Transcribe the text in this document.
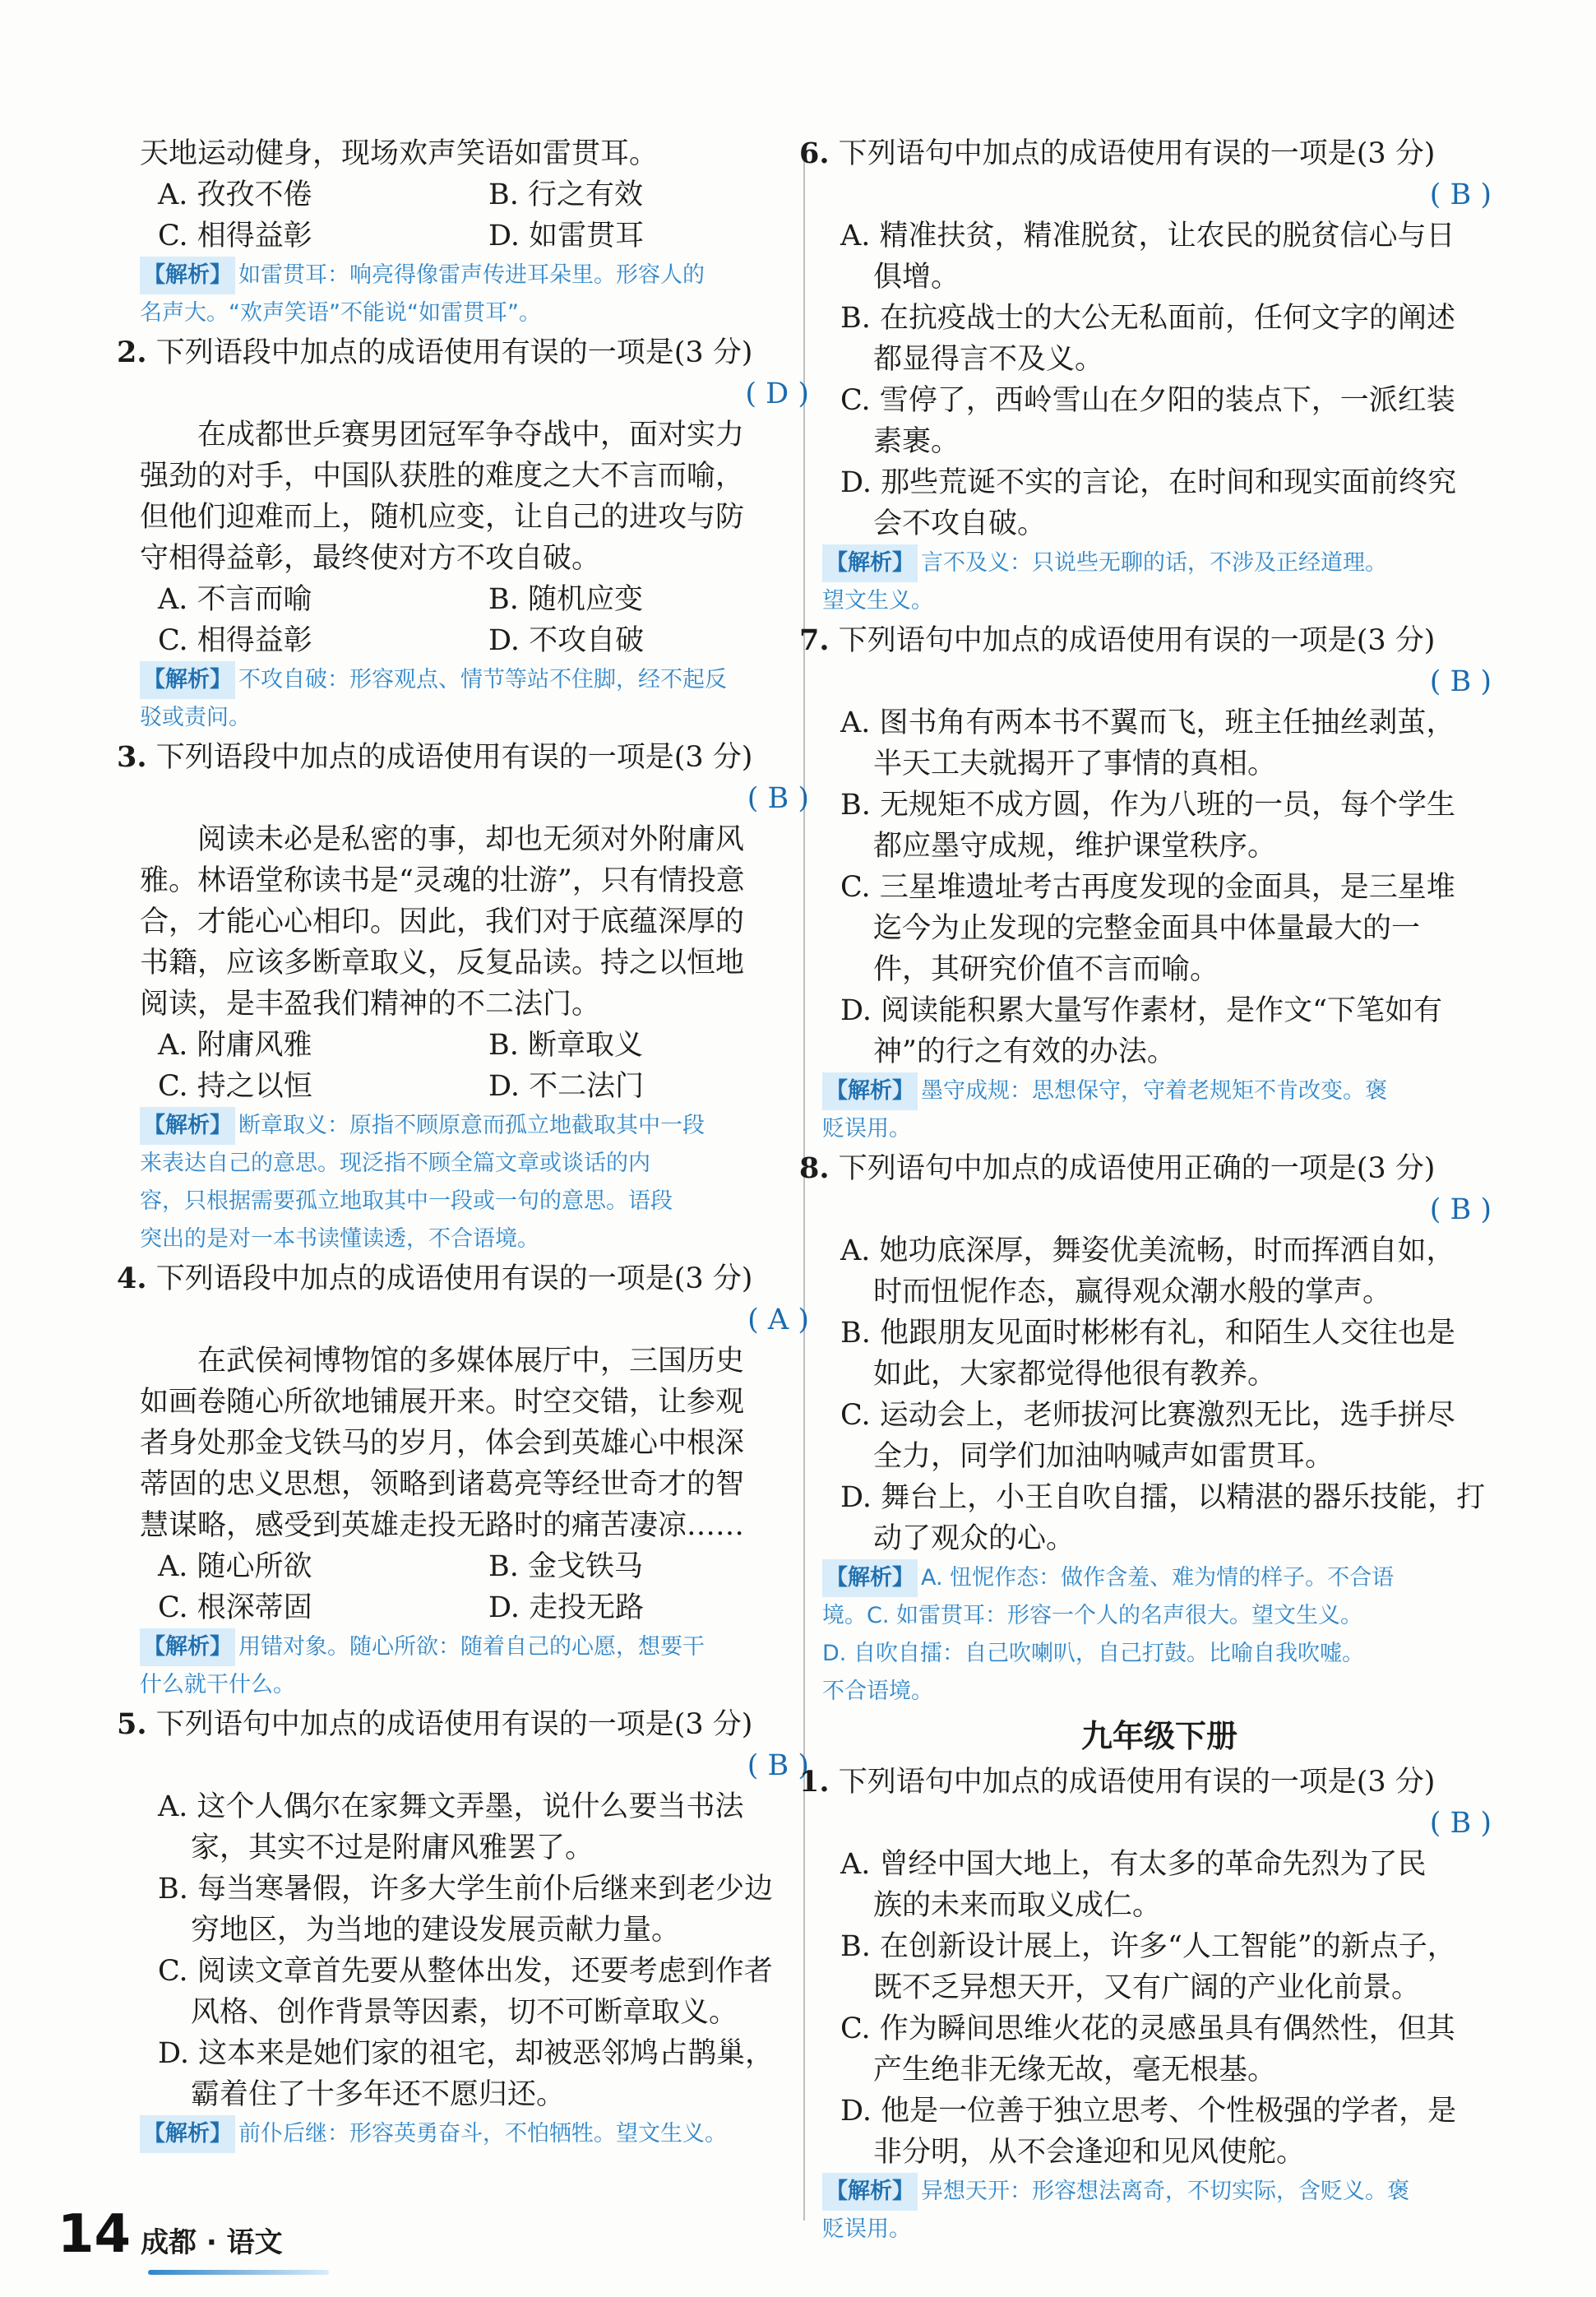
天地运动健身，现场欢声笑语如雷贯耳。
A. 孜孜不倦	B. 行之有效
C. 相得益彰	D. 如雷贯耳
【解析】 如雷贯耳：响亮得像雷声传进耳朵里。形容人的
名声大。“欢声笑语”不能说“如雷贯耳”。
2. 下列语段中加点的成语使用有误的一项是(3 分)
( D )
在成都世乒赛男团冠军争夺战中，面对实力
强劲的对手，中国队获胜的难度之大不言而喻，
但他们迎难而上，随机应变，让自己的进攻与防
守相得益彰，最终使对方不攻自破。
A. 不言而喻	B. 随机应变
C. 相得益彰	D. 不攻自破
【解析】 不攻自破：形容观点、情节等站不住脚，经不起反
驳或责问。
3. 下列语段中加点的成语使用有误的一项是(3 分)
( B )
阅读未必是私密的事，却也无须对外附庸风
雅。林语堂称读书是“灵魂的壮游”，只有情投意
合，才能心心相印。因此，我们对于底蕴深厚的
书籍，应该多断章取义，反复品读。持之以恒地
阅读，是丰盈我们精神的不二法门。
A. 附庸风雅	B. 断章取义
C. 持之以恒	D. 不二法门
【解析】 断章取义：原指不顾原意而孤立地截取其中一段
来表达自己的意思。现泛指不顾全篇文章或谈话的内
容，只根据需要孤立地取其中一段或一句的意思。语段
突出的是对一本书读懂读透，不合语境。
4. 下列语段中加点的成语使用有误的一项是(3 分)
( A )
在武侯祠博物馆的多媒体展厅中，三国历史
如画卷随心所欲地铺展开来。时空交错，让参观
者身处那金戈铁马的岁月，体会到英雄心中根深
蒂固的忠义思想，领略到诸葛亮等经世奇才的智
慧谋略，感受到英雄走投无路时的痛苦凄凉……
A. 随心所欲	B. 金戈铁马
C. 根深蒂固	D. 走投无路
【解析】 用错对象。随心所欲：随着自己的心愿，想要干
什么就干什么。
5. 下列语句中加点的成语使用有误的一项是(3 分)
( B )
A. 这个人偶尔在家舞文弄墨，说什么要当书法
家，其实不过是附庸风雅罢了。
B. 每当寒暑假，许多大学生前仆后继来到老少边
穷地区，为当地的建设发展贡献力量。
C. 阅读文章首先要从整体出发，还要考虑到作者
风格、创作背景等因素，切不可断章取义。
D. 这本来是她们家的祖宅，却被恶邻鸠占鹊巢，
霸着住了十多年还不愿归还。
【解析】 前仆后继：形容英勇奋斗，不怕牺牲。望文生义。
6. 下列语句中加点的成语使用有误的一项是(3 分)
( B )
A. 精准扶贫，精准脱贫，让农民的脱贫信心与日
俱增。
B. 在抗疫战士的大公无私面前，任何文字的阐述
都显得言不及义。
C. 雪停了，西岭雪山在夕阳的装点下，一派红装
素裹。
D. 那些荒诞不实的言论，在时间和现实面前终究
会不攻自破。
【解析】 言不及义：只说些无聊的话，不涉及正经道理。
望文生义。
7. 下列语句中加点的成语使用有误的一项是(3 分)
( B )
A. 图书角有两本书不翼而飞，班主任抽丝剥茧，
半天工夫就揭开了事情的真相。
B. 无规矩不成方圆，作为八班的一员，每个学生
都应墨守成规，维护课堂秩序。
C. 三星堆遗址考古再度发现的金面具，是三星堆
迄今为止发现的完整金面具中体量最大的一
件，其研究价值不言而喻。
D. 阅读能积累大量写作素材，是作文“下笔如有
神”的行之有效的办法。
【解析】 墨守成规：思想保守，守着老规矩不肯改变。褒
贬误用。
8. 下列语句中加点的成语使用正确的一项是(3 分)
( B )
A. 她功底深厚，舞姿优美流畅，时而挥洒自如，
时而忸怩作态，赢得观众潮水般的掌声。
B. 他跟朋友见面时彬彬有礼，和陌生人交往也是
如此，大家都觉得他很有教养。
C. 运动会上，老师拔河比赛激烈无比，选手拼尽
全力，同学们加油呐喊声如雷贯耳。
D. 舞台上，小王自吹自擂，以精湛的器乐技能，打
动了观众的心。
【解析】 A. 忸怩作态：做作含羞、难为情的样子。不合语
境。C. 如雷贯耳：形容一个人的名声很大。望文生义。
D. 自吹自擂：自己吹喇叭，自己打鼓。比喻自我吹嘘。
不合语境。
九年级下册
1. 下列语句中加点的成语使用有误的一项是(3 分)
( B )
A. 曾经中国大地上，有太多的革命先烈为了民
族的未来而取义成仁。
B. 在创新设计展上，许多“人工智能”的新点子，
既不乏异想天开，又有广阔的产业化前景。
C. 作为瞬间思维火花的灵感虽具有偶然性，但其
产生绝非无缘无故，毫无根基。
D. 他是一位善于独立思考、个性极强的学者，是
非分明，从不会逢迎和见风使舵。
【解析】 异想天开：形容想法离奇，不切实际，含贬义。褒
贬误用。
14 成都 · 语文
